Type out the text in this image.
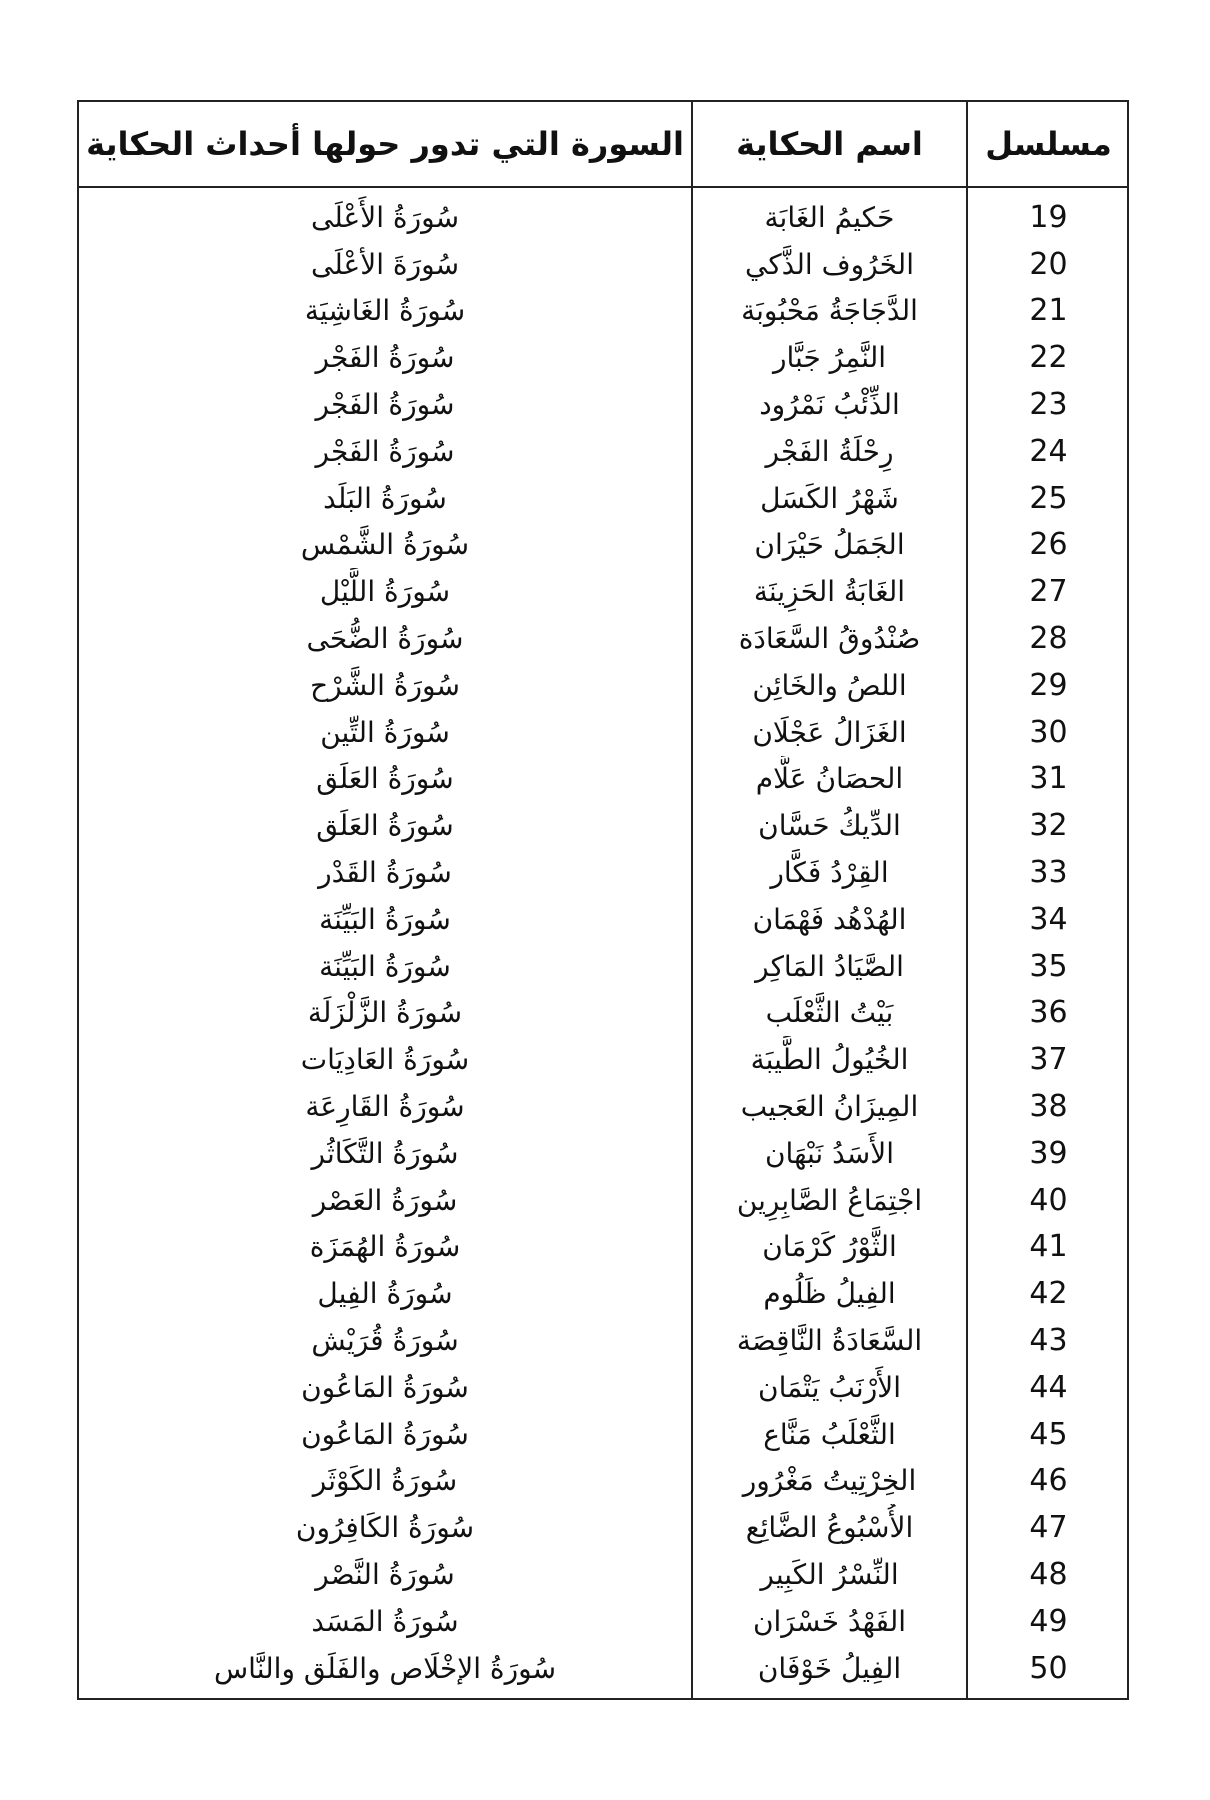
السورة التي تدور حولها أحداث الحكاية	اسم الحكاية	مسلسل
سُورَةُ الأَعْلَى	حَكيمُ الغَابَة	19
سُورَةَ الأعْلَى	الخَرُوف الذَّكي	20
سُورَةُ الغَاشِيَة	الدَّجَاجَةُ مَحْبُوبَة	21
سُورَةُ الفَجْر	النَّمِرُ جَبَّار	22
سُورَةُ الفَجْر	الذِّئْبُ نَمْرُود	23
سُورَةُ الفَجْر	رِحْلَةُ الفَجْر	24
سُورَةُ البَلَد	شَهْرُ الكَسَل	25
سُورَةُ الشَّمْس	الجَمَلُ حَيْرَان	26
سُورَةُ اللَّيْل	الغَابَةُ الحَزِينَة	27
سُورَةُ الضُّحَى	صُنْدُوقُ السَّعَادَة	28
سُورَةُ الشَّرْح	اللصُ والخَائِن	29
سُورَةُ التِّين	الغَزَالُ عَجْلَان	30
سُورَةُ العَلَق	الحصَانُ عَلَّام	31
سُورَةُ العَلَق	الدِّيكُ حَسَّان	32
سُورَةُ القَدْر	القِرْدُ فَكَّار	33
سُورَةُ البَيِّنَة	الهُدْهُد فَهْمَان	34
سُورَةُ البَيِّنَة	الصَّيَادُ المَاكِر	35
سُورَةُ الزَّلْزَلَة	بَيْتُ الثَّعْلَب	36
سُورَةُ العَادِيَات	الخُيُولُ الطَّيبَة	37
سُورَةُ القَارِعَة	المِيزَانُ العَجيب	38
سُورَةُ التَّكَاثُر	الأَسَدُ نَبْهَان	39
سُورَةُ العَصْر	اجْتِمَاعُ الصَّابِرِين	40
سُورَةُ الهُمَزَة	الثَّوْرُ كَرْمَان	41
سُورَةُ الفِيل	الفِيلُ ظَلُوم	42
سُورَةُ قُرَيْش	السَّعَادَةُ النَّاقِصَة	43
سُورَةُ المَاعُون	الأَرْنَبُ يَتْمَان	44
سُورَةُ المَاعُون	الثَّعْلَبُ مَنَّاع	45
سُورَةُ الكَوْثَر	الخِرْتِيتُ مَغْرُور	46
سُورَةُ الكَافِرُون	الأُسْبُوعُ الضَّائِع	47
سُورَةُ النَّصْر	النِّسْرُ الكَبِير	48
سُورَةُ المَسَد	الفَهْدُ خَسْرَان	49
سُورَةُ الإخْلَاص والفَلَق والنَّاس	الفِيلُ خَوْفَان	50
